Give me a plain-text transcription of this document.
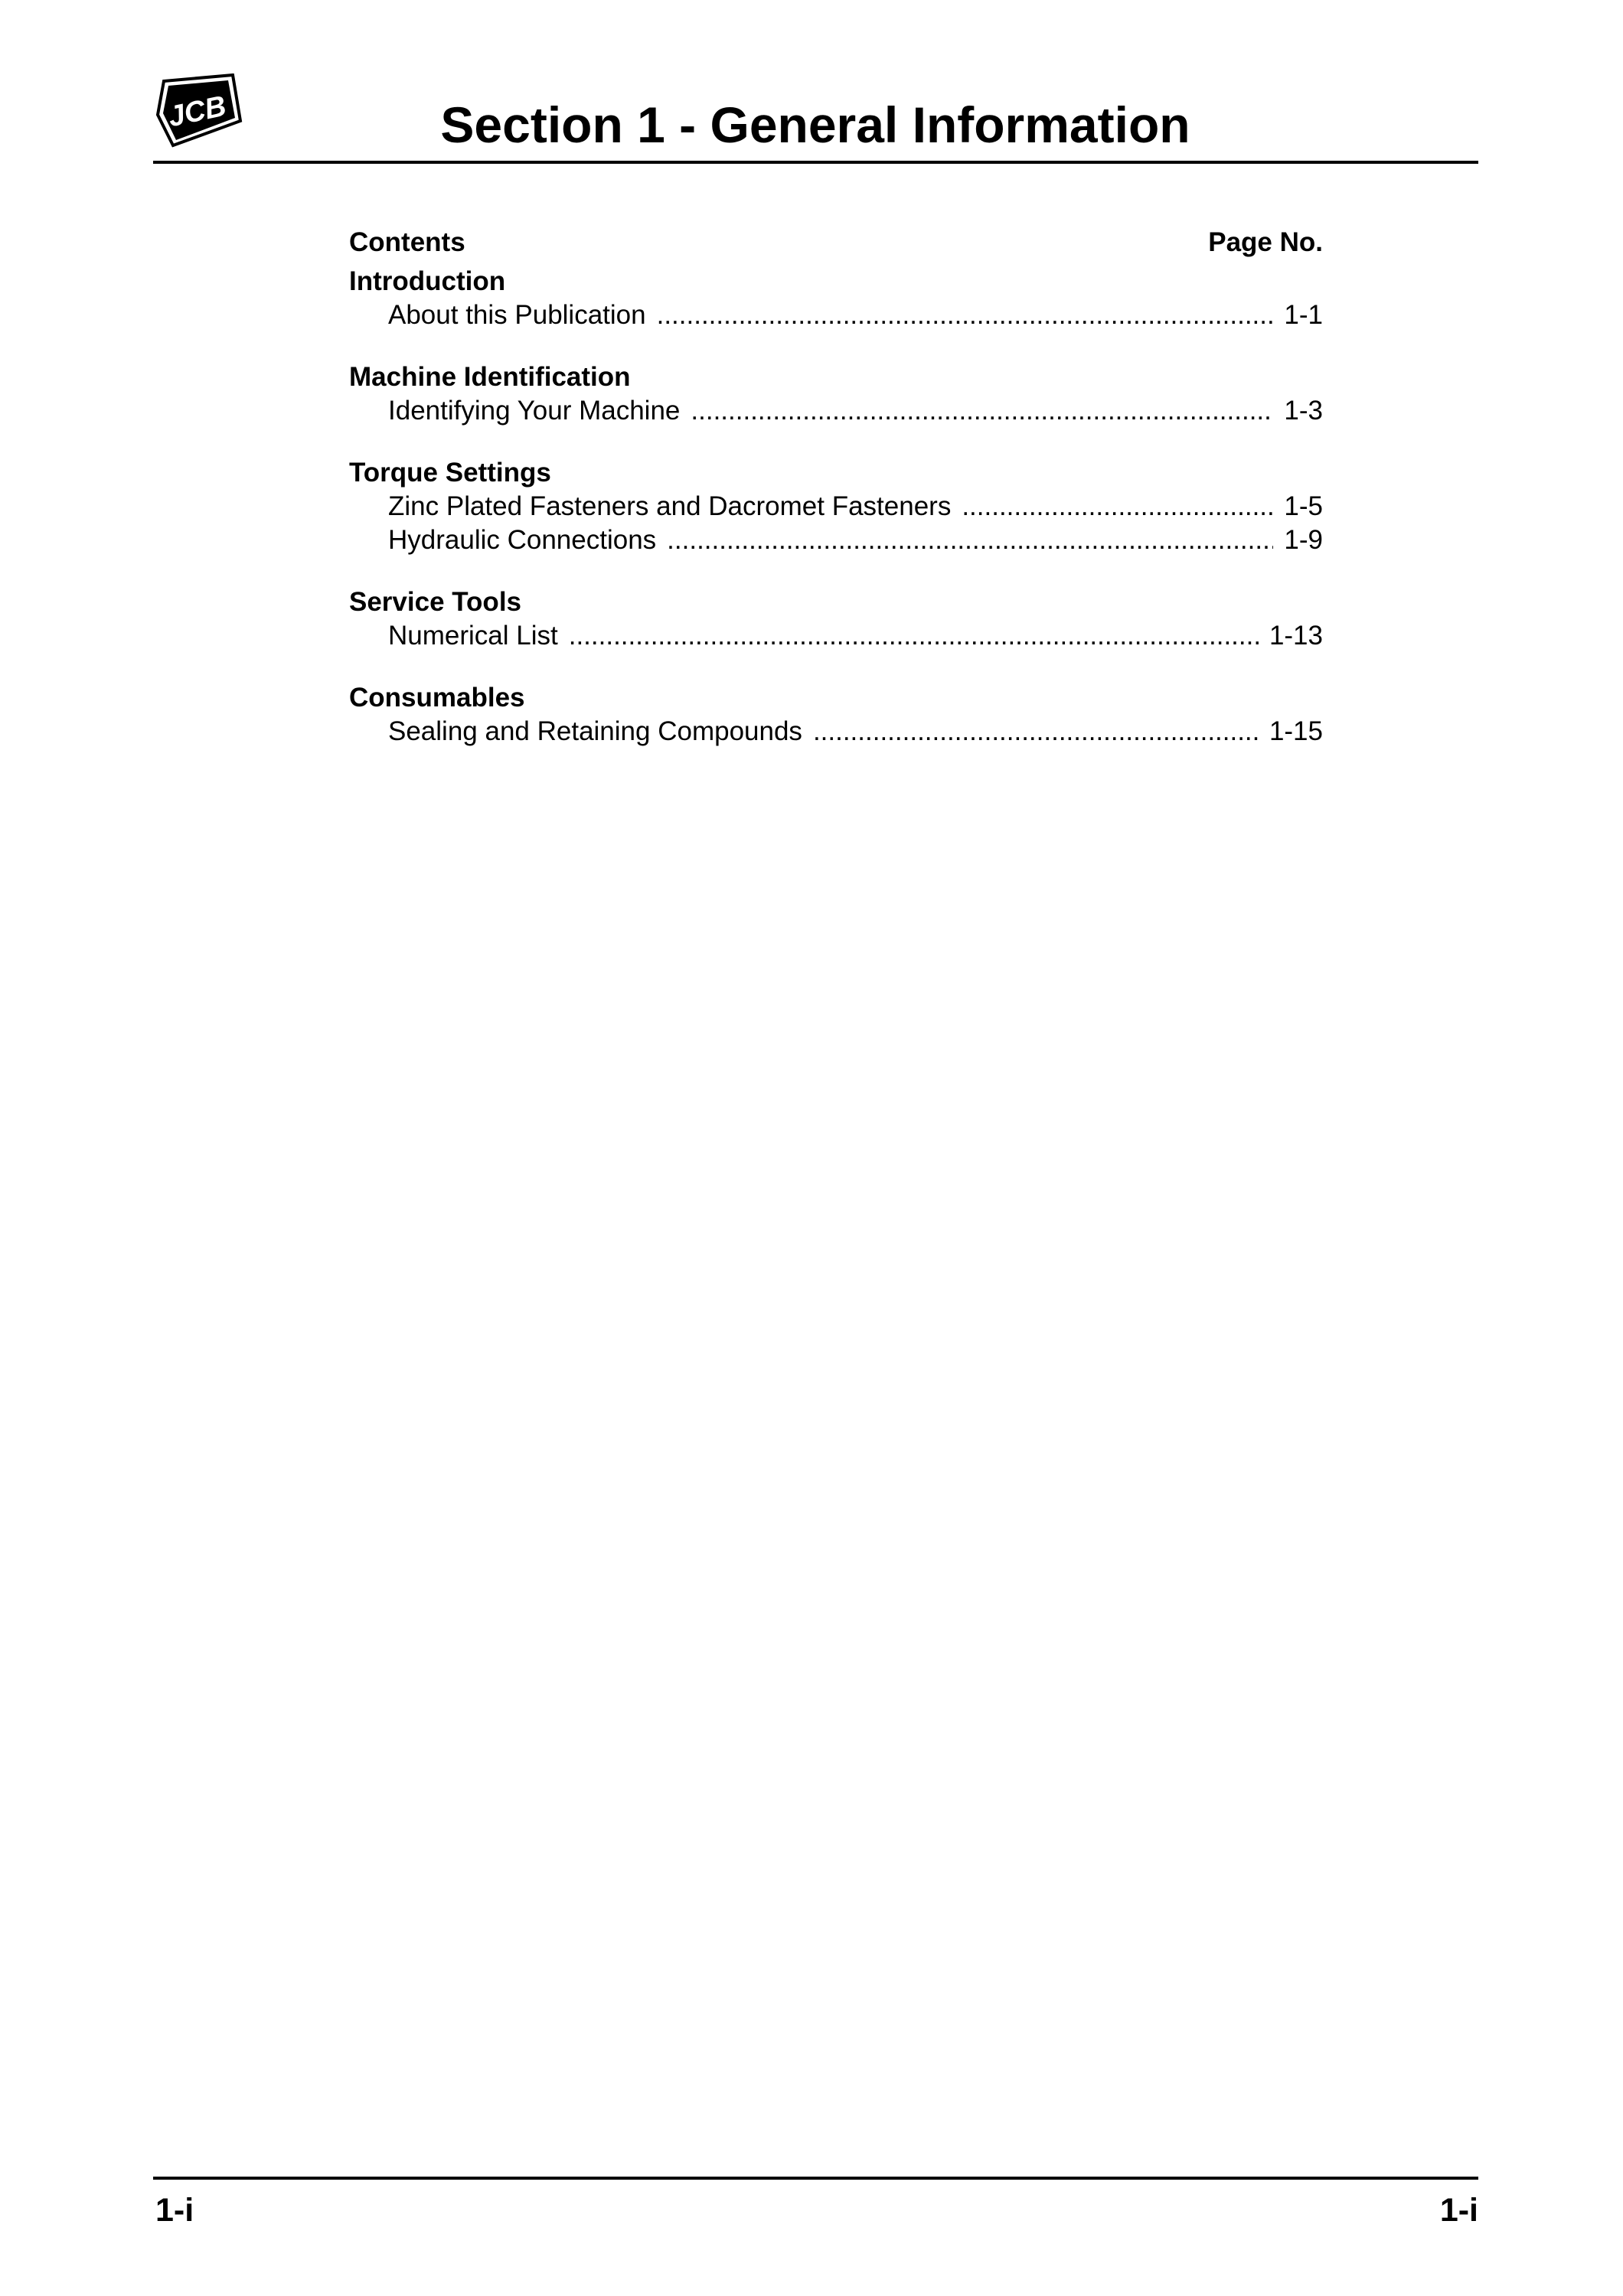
JCB	Section 1 - General Information
Contents	Page No.
Introduction
About this Publication .....	1-1
Machine Identification
Identifying Your Machine .....	1-3
Torque Settings
Zinc Plated Fasteners and Dacromet Fasteners .....	1-5
Hydraulic Connections .....	1-9
Service Tools
Numerical List .....	1-13
Consumables
Sealing and Retaining Compounds .....	1-15
1-i	1-i
